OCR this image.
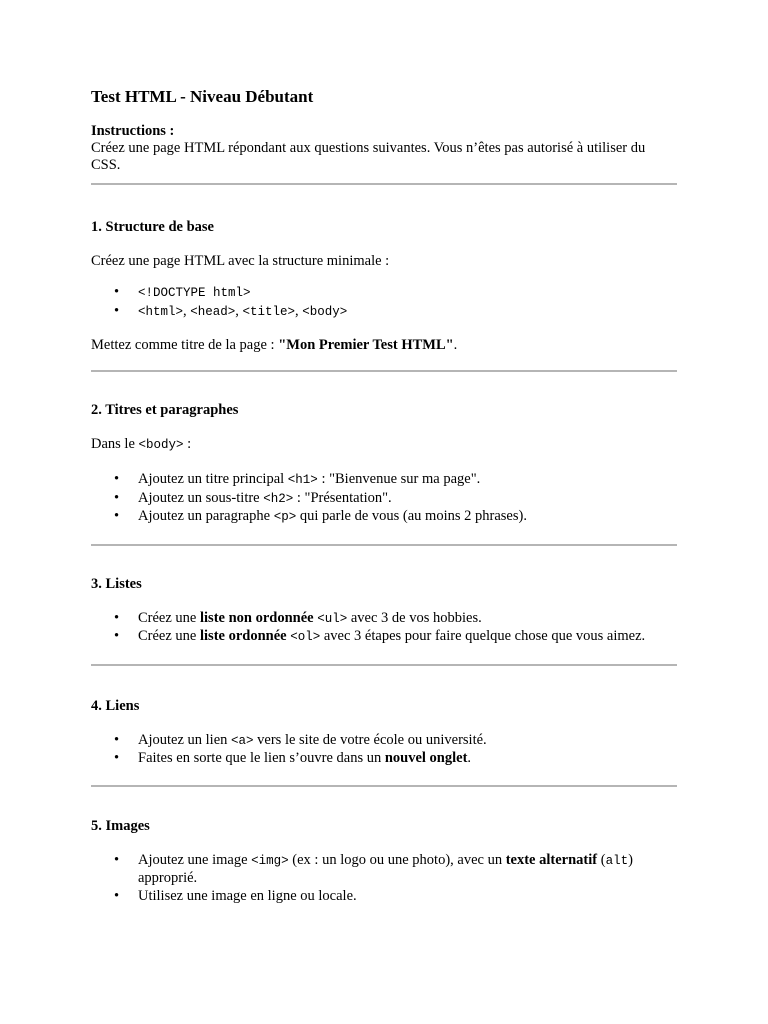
Test HTML - Niveau Débutant
Instructions :
Créez une page HTML répondant aux questions suivantes. Vous n’êtes pas autorisé à utiliser du CSS.
1. Structure de base

Créez une page HTML avec la structure minimale :

• <!DOCTYPE html>
• <html>, <head>, <title>, <body>

Mettez comme titre de la page : "Mon Premier Test HTML".

2. Titres et paragraphes

Dans le <body> :

• Ajoutez un titre principal <h1> : "Bienvenue sur ma page".
• Ajoutez un sous-titre <h2> : "Présentation".
• Ajoutez un paragraphe <p> qui parle de vous (au moins 2 phrases).
3. Listes
• Créez une liste non ordonnée <ul> avec 3 de vos hobbies.
• Créez une liste ordonnée <ol> avec 3 étapes pour faire quelque chose que vous aimez.
4. Liens
• Ajoutez un lien <a> vers le site de votre école ou université.
• Faites en sorte que le lien s’ouvre dans un nouvel onglet.
5. Images
• Ajoutez une image <img> (ex : un logo ou une photo), avec un texte alternatif (alt) approprié.
• Utilisez une image en ligne ou locale.
